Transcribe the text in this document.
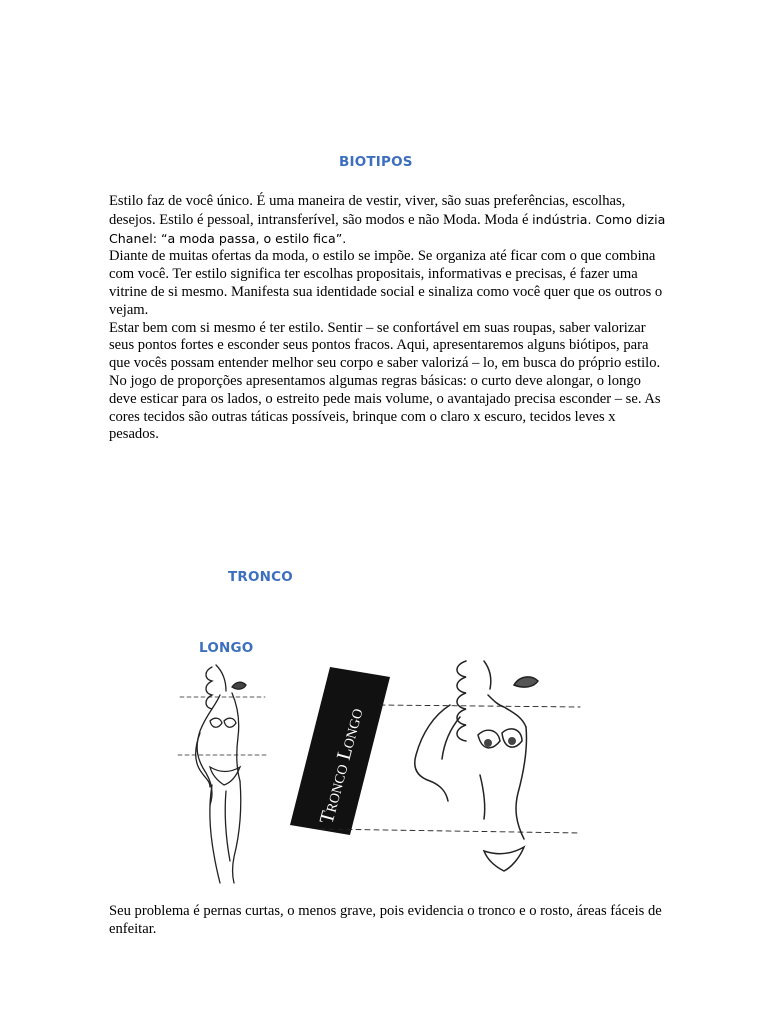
BIOTIPOS

Estilo faz de você único. É uma maneira de vestir, viver, são suas preferências, escolhas, desejos. Estilo é pessoal, intransferível, são modos e não Moda. Moda é indústria. Como dizia Chanel: “a moda passa, o estilo fica”.

Diante de muitas ofertas da moda, o estilo se impõe. Se organiza até ficar com o que combina com você. Ter estilo significa ter escolhas propositais, informativas e precisas, é fazer uma vitrine de si mesmo. Manifesta sua identidade social e sinaliza como você quer que os outros o vejam.

Estar bem com si mesmo é ter estilo. Sentir – se confortável em suas roupas, saber valorizar seus pontos fortes e esconder seus pontos fracos. Aqui, apresentaremos alguns biótipos, para que vocês possam entender melhor seu corpo e saber valorizá – lo, em busca do próprio estilo.

No jogo de proporções apresentamos algumas regras básicas: o curto deve alongar, o longo deve esticar para os lados, o estreito pede mais volume, o avantajado precisa esconder – se. As cores tecidos são outras táticas possíveis, brinque com o claro x escuro, tecidos leves x pesados.

TRONCO
LONGO
Tronco Longo
Seu problema é pernas curtas, o menos grave, pois evidencia o tronco e o rosto, áreas fáceis de enfeitar.
